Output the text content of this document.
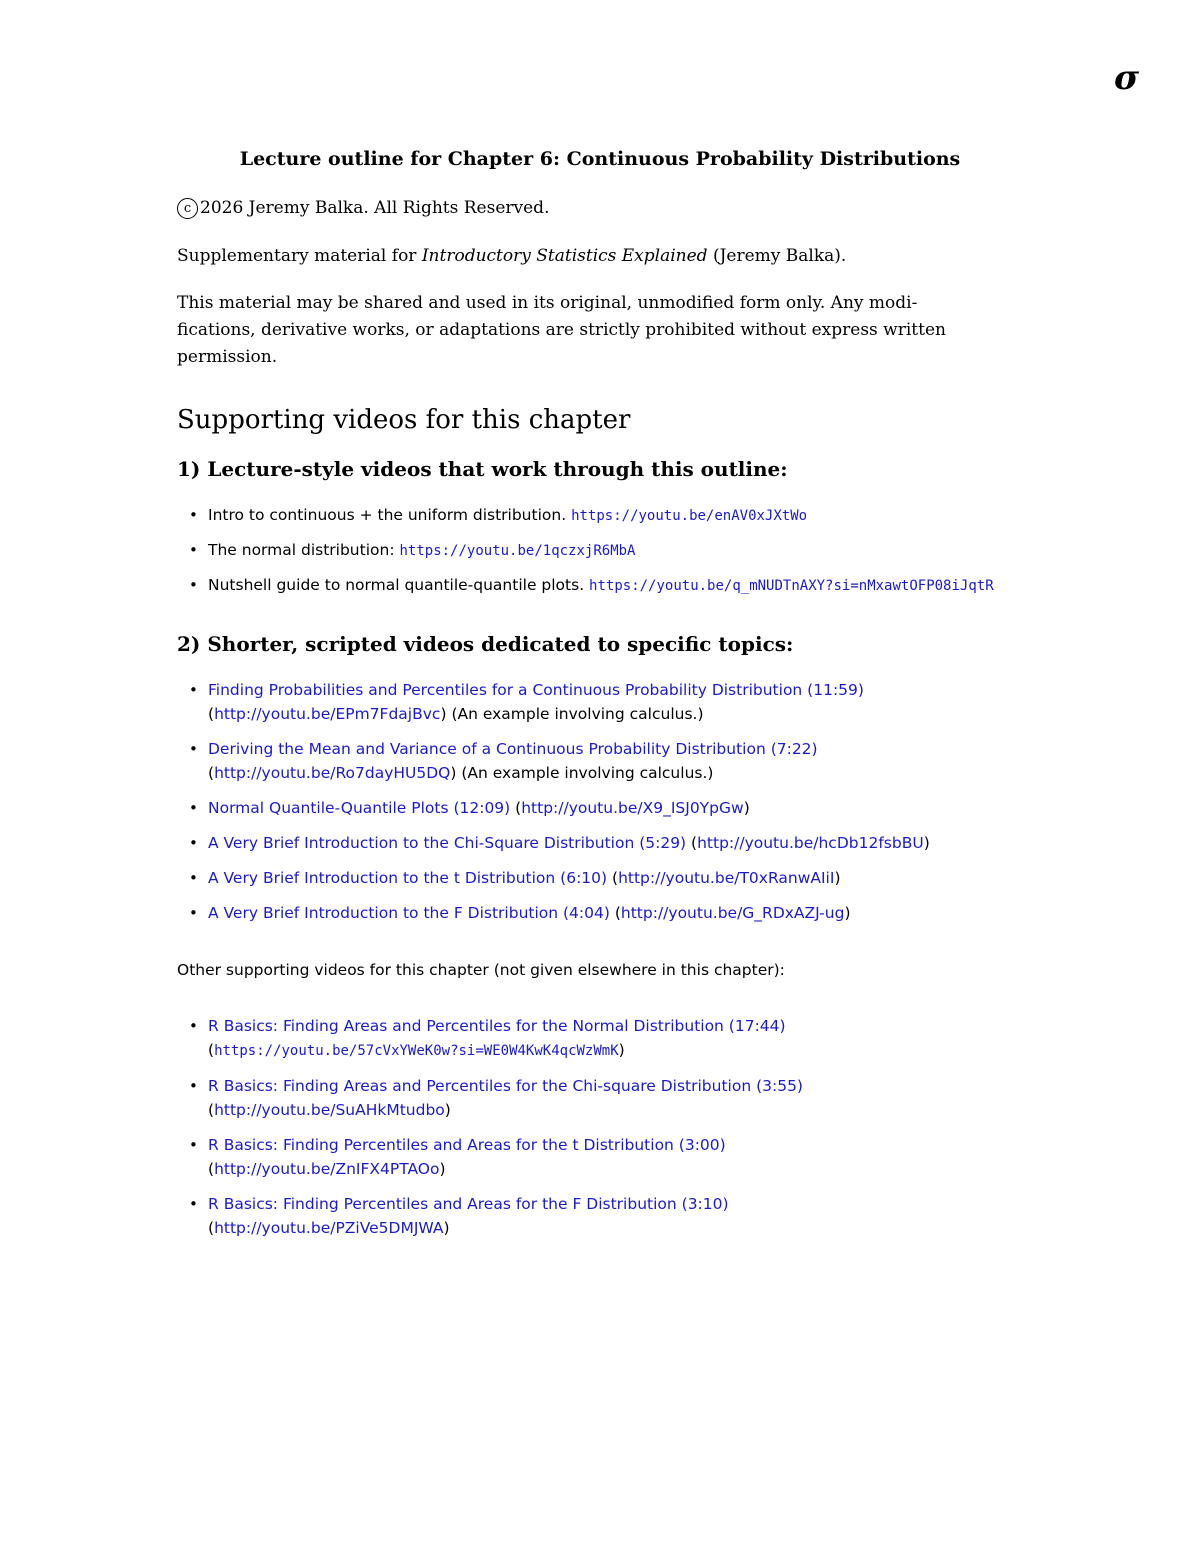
σ
Lecture outline for Chapter 6: Continuous Probability Distributions
c 2026 Jeremy Balka. All Rights Reserved.
Supplementary material for Introductory Statistics Explained (Jeremy Balka).
This material may be shared and used in its original, unmodified form only. Any modi-
fications, derivative works, or adaptations are strictly prohibited without express written
permission.
Supporting videos for this chapter
1) Lecture-style videos that work through this outline:
• Intro to continuous + the uniform distribution. https://youtu.be/enAV0xJXtWo
• The normal distribution: https://youtu.be/1qczxjR6MbA
• Nutshell guide to normal quantile-quantile plots. https://youtu.be/q_mNUDTnAXY?si=nMxawtOFP08iJqtR
2) Shorter, scripted videos dedicated to specific topics:
• Finding Probabilities and Percentiles for a Continuous Probability Distribution (11:59)
(http://youtu.be/EPm7FdajBvc) (An example involving calculus.)
• Deriving the Mean and Variance of a Continuous Probability Distribution (7:22)
(http://youtu.be/Ro7dayHU5DQ) (An example involving calculus.)
• Normal Quantile-Quantile Plots (12:09) (http://youtu.be/X9_ISJ0YpGw)
• A Very Brief Introduction to the Chi-Square Distribution (5:29) (http://youtu.be/hcDb12fsbBU)
• A Very Brief Introduction to the t Distribution (6:10) (http://youtu.be/T0xRanwAIiI)
• A Very Brief Introduction to the F Distribution (4:04) (http://youtu.be/G_RDxAZJ-ug)
Other supporting videos for this chapter (not given elsewhere in this chapter):
• R Basics: Finding Areas and Percentiles for the Normal Distribution (17:44)
(https://youtu.be/57cVxYWeK0w?si=WE0W4KwK4qcWzWmK)
• R Basics: Finding Areas and Percentiles for the Chi-square Distribution (3:55)
(http://youtu.be/SuAHkMtudbo)
• R Basics: Finding Percentiles and Areas for the t Distribution (3:00)
(http://youtu.be/ZnIFX4PTAOo)
• R Basics: Finding Percentiles and Areas for the F Distribution (3:10)
(http://youtu.be/PZiVe5DMJWA)
